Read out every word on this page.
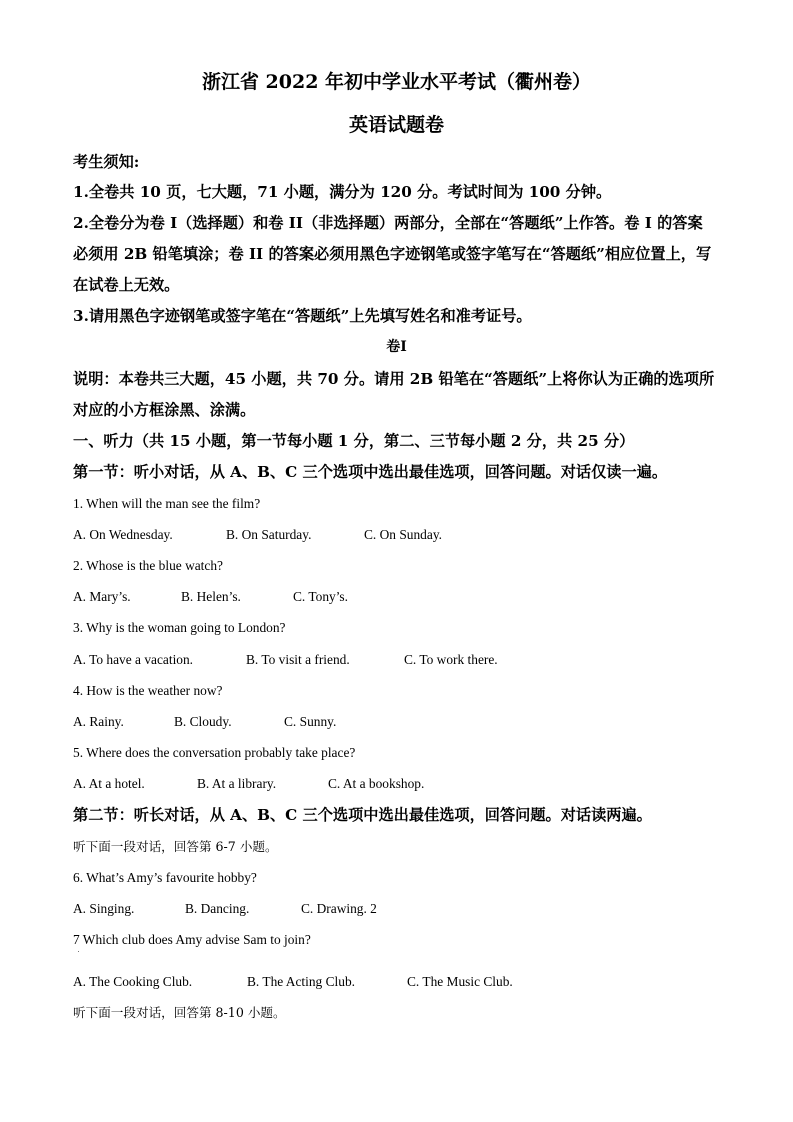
浙江省 2022 年初中学业水平考试（衢州卷）
英语试题卷
考生须知:
1.全卷共 10 页，七大题，71 小题，满分为 120 分。考试时间为 100 分钟。
2.全卷分为卷 I（选择题）和卷 II（非选择题）两部分，全部在“答题纸”上作答。卷 I 的答案
必须用 2B 铅笔填涂；卷 II 的答案必须用黑色字迹钢笔或签字笔写在“答题纸”相应位置上，写
在试卷上无效。
3.请用黑色字迹钢笔或签字笔在“答题纸”上先填写姓名和准考证号。
卷I
说明：本卷共三大题，45 小题，共 70 分。请用 2B 铅笔在“答题纸”上将你认为正确的选项所
对应的小方框涂黑、涂满。
一、听力（共 15 小题，第一节每小题 1 分，第二、三节每小题 2 分，共 25 分）
第一节：听小对话，从 A、B、C 三个选项中选出最佳选项，回答问题。对话仅读一遍。
1. When will the man see the film?
A. On Wednesday.	B. On Saturday.	C. On Sunday.
2. Whose is the blue watch?
A. Mary’s.	B. Helen’s.	C. Tony’s.
3. Why is the woman going to London?
A. To have a vacation.	B. To visit a friend.	C. To work there.
4. How is the weather now?
A. Rainy.	B. Cloudy.	C. Sunny.
5. Where does the conversation probably take place?
A. At a hotel.	B. At a library.	C. At a bookshop.
第二节：听长对话，从 A、B、C 三个选项中选出最佳选项，回答问题。对话读两遍。
听下面一段对话，回答第 6-7 小题。
6. What’s Amy’s favourite hobby?
A. Singing.	B. Dancing.	C. Drawing. 2
7 Which club does Amy advise Sam to join?
A. The Cooking Club.	B. The Acting Club.	C. The Music Club.
听下面一段对话，回答第 8-10 小题。
